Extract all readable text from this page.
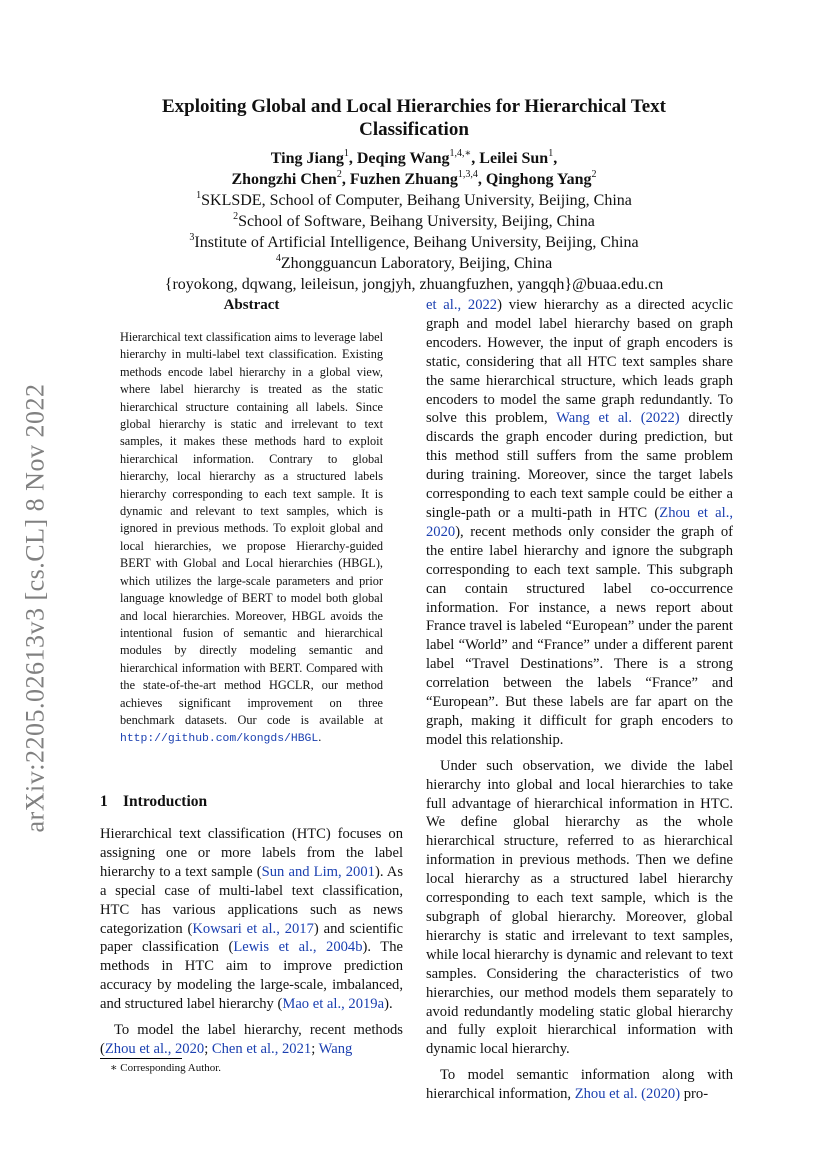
arXiv:2205.02613v3 [cs.CL] 8 Nov 2022
Exploiting Global and Local Hierarchies for Hierarchical Text
Classification
Ting Jiang$^1$, Deqing Wang$^{1,4,∗}$, Leilei Sun$^1$,
Zhongzhi Chen$^2$, Fuzhen Zhuang$^{1,3,4}$, Qinghong Yang$^2$
$^1$SKLSDE, School of Computer, Beihang University, Beijing, China
$^2$School of Software, Beihang University, Beijing, China
$^3$Institute of Artificial Intelligence, Beihang University, Beijing, China
$^4$Zhongguancun Laboratory, Beijing, China
{royokong, dqwang, leileisun, jongjyh, zhuangfuzhen, yangqh}@buaa.edu.cn
Abstract
Hierarchical text classification aims to leverage label hierarchy in multi-label text classification. Existing methods encode label hierarchy in a global view, where label hierarchy is treated as the static hierarchical structure containing all labels. Since global hierarchy is static and irrelevant to text samples, it makes these methods hard to exploit hierarchical information. Contrary to global hierarchy, local hierarchy as a structured labels hierarchy corresponding to each text sample. It is dynamic and relevant to text samples, which is ignored in previous methods. To exploit global and local hierarchies, we propose Hierarchy-guided BERT with Global and Local hierarchies (HBGL), which utilizes the large-scale parameters and prior language knowledge of BERT to model both global and local hierarchies. Moreover, HBGL avoids the intentional fusion of semantic and hierarchical modules by directly modeling semantic and hierarchical information with BERT. Compared with the state-of-the-art method HGCLR, our method achieves significant improvement on three benchmark datasets. Our code is available at http://github.com/kongds/HBGL.
1 Introduction

Hierarchical text classification (HTC) focuses on assigning one or more labels from the label hierarchy to a text sample (Sun and Lim, 2001). As a special case of multi-label text classification, HTC has various applications such as news categorization (Kowsari et al., 2017) and scientific paper classification (Lewis et al., 2004b). The methods in HTC aim to improve prediction accuracy by modeling the large-scale, imbalanced, and structured label hierarchy (Mao et al., 2019a).

To model the label hierarchy, recent methods (Zhou et al., 2020; Chen et al., 2021; Wang

et al., 2022) view hierarchy as a directed acyclic graph and model label hierarchy based on graph encoders. However, the input of graph encoders is static, considering that all HTC text samples share the same hierarchical structure, which leads graph encoders to model the same graph redundantly. To solve this problem, Wang et al. (2022) directly discards the graph encoder during prediction, but this method still suffers from the same problem during training. Moreover, since the target labels corresponding to each text sample could be either a single-path or a multi-path in HTC (Zhou et al., 2020), recent methods only consider the graph of the entire label hierarchy and ignore the subgraph corresponding to each text sample. This subgraph can contain structured label co-occurrence information. For instance, a news report about France travel is labeled “European” under the parent label “World” and “France” under a different parent label “Travel Destinations”. There is a strong correlation between the labels “France” and “European”. But these labels are far apart on the graph, making it difficult for graph encoders to model this relationship.

Under such observation, we divide the label hierarchy into global and local hierarchies to take full advantage of hierarchical information in HTC. We define global hierarchy as the whole hierarchical structure, referred to as hierarchical information in previous methods. Then we define local hierarchy as a structured label hierarchy corresponding to each text sample, which is the subgraph of global hierarchy. Moreover, global hierarchy is static and irrelevant to text samples, while local hierarchy is dynamic and relevant to text samples. Considering the characteristics of two hierarchies, our method models them separately to avoid redundantly modeling static global hierarchy and fully exploit hierarchical information with dynamic local hierarchy.

To model semantic information along with hierarchical information, Zhou et al. (2020) pro-

∗ Corresponding Author.
